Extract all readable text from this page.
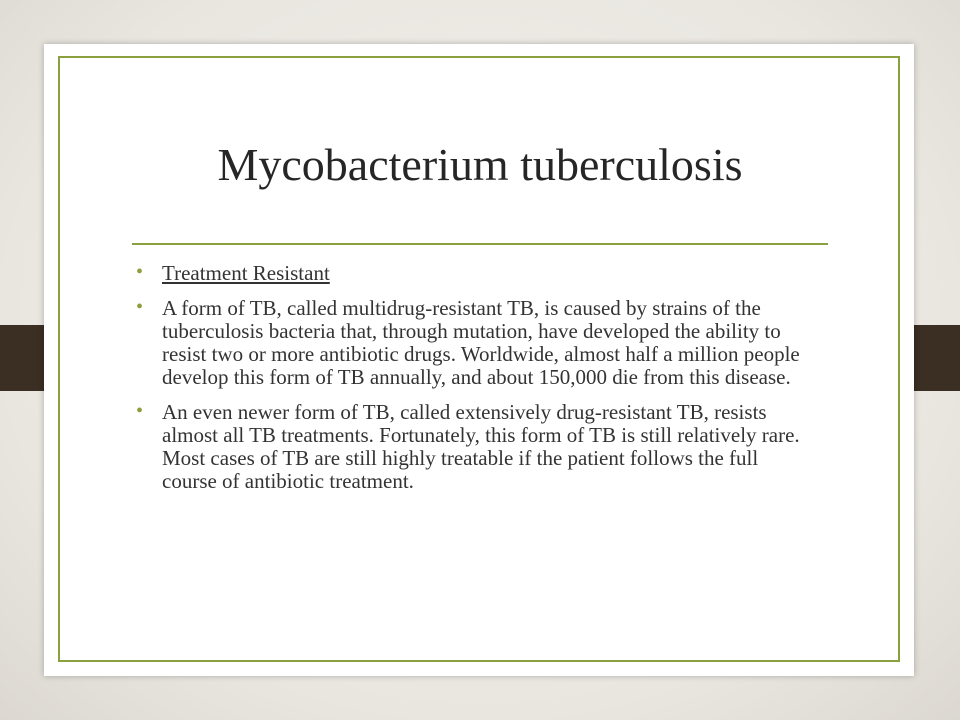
Mycobacterium tuberculosis
• Treatment Resistant
• A form of TB, called multidrug-resistant TB, is caused by strains of the tuberculosis bacteria that, through mutation, have developed the ability to resist two or more antibiotic drugs. Worldwide, almost half a million people develop this form of TB annually, and about 150,000 die from this disease.
• An even newer form of TB, called extensively drug-resistant TB, resists almost all TB treatments. Fortunately, this form of TB is still relatively rare. Most cases of TB are still highly treatable if the patient follows the full course of antibiotic treatment.
